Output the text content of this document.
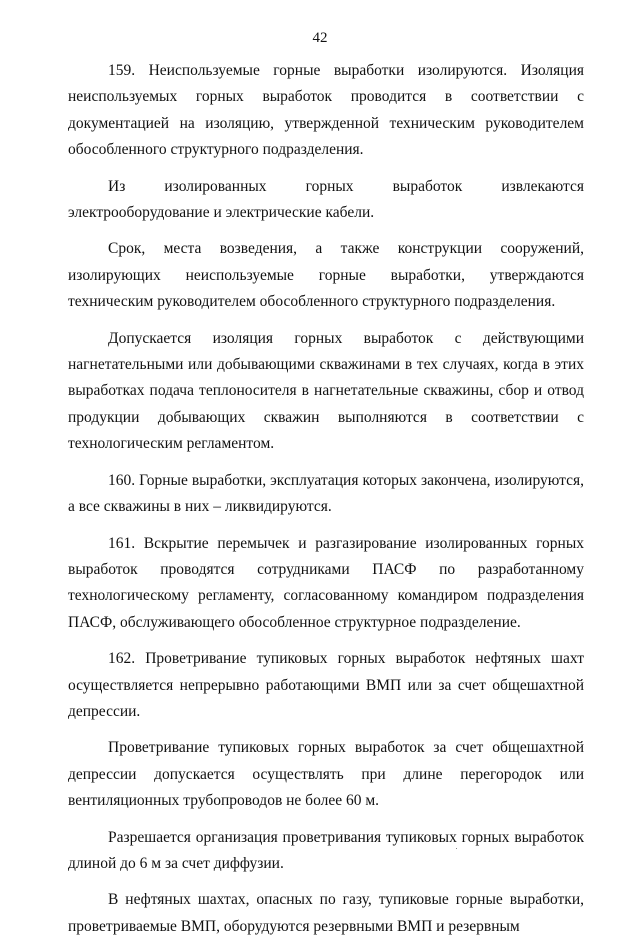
42

159. Неиспользуемые горные выработки изолируются. Изоляция неиспользуемых горных выработок проводится в соответствии с документацией на изоляцию, утвержденной техническим руководителем обособленного структурного подразделения.

Из изолированных горных выработок извлекаются электрооборудование и электрические кабели.

Срок, места возведения, а также конструкции сооружений, изолирующих неиспользуемые горные выработки, утверждаются техническим руководителем обособленного структурного подразделения.

Допускается изоляция горных выработок с действующими нагнетательными или добывающими скважинами в тех случаях, когда в этих выработках подача теплоносителя в нагнетательные скважины, сбор и отвод продукции добывающих скважин выполняются в соответствии с технологическим регламентом.

160. Горные выработки, эксплуатация которых закончена, изолируются, а все скважины в них – ликвидируются.

161. Вскрытие перемычек и разгазирование изолированных горных выработок проводятся сотрудниками ПАСФ по разработанному технологическому регламенту, согласованному командиром подразделения ПАСФ, обслуживающего обособленное структурное подразделение.

162. Проветривание тупиковых горных выработок нефтяных шахт осуществляется непрерывно работающими ВМП или за счет общешахтной депрессии.

Проветривание тупиковых горных выработок за счет общешахтной депрессии допускается осуществлять при длине перегородок или вентиляционных трубопроводов не более 60 м.

Разрешается организация проветривания тупиковых горных выработок длиной до 6 м за счет диффузии.

В нефтяных шахтах, опасных по газу, тупиковые горные выработки, проветриваемые ВМП, оборудуются резервными ВМП и резервным
